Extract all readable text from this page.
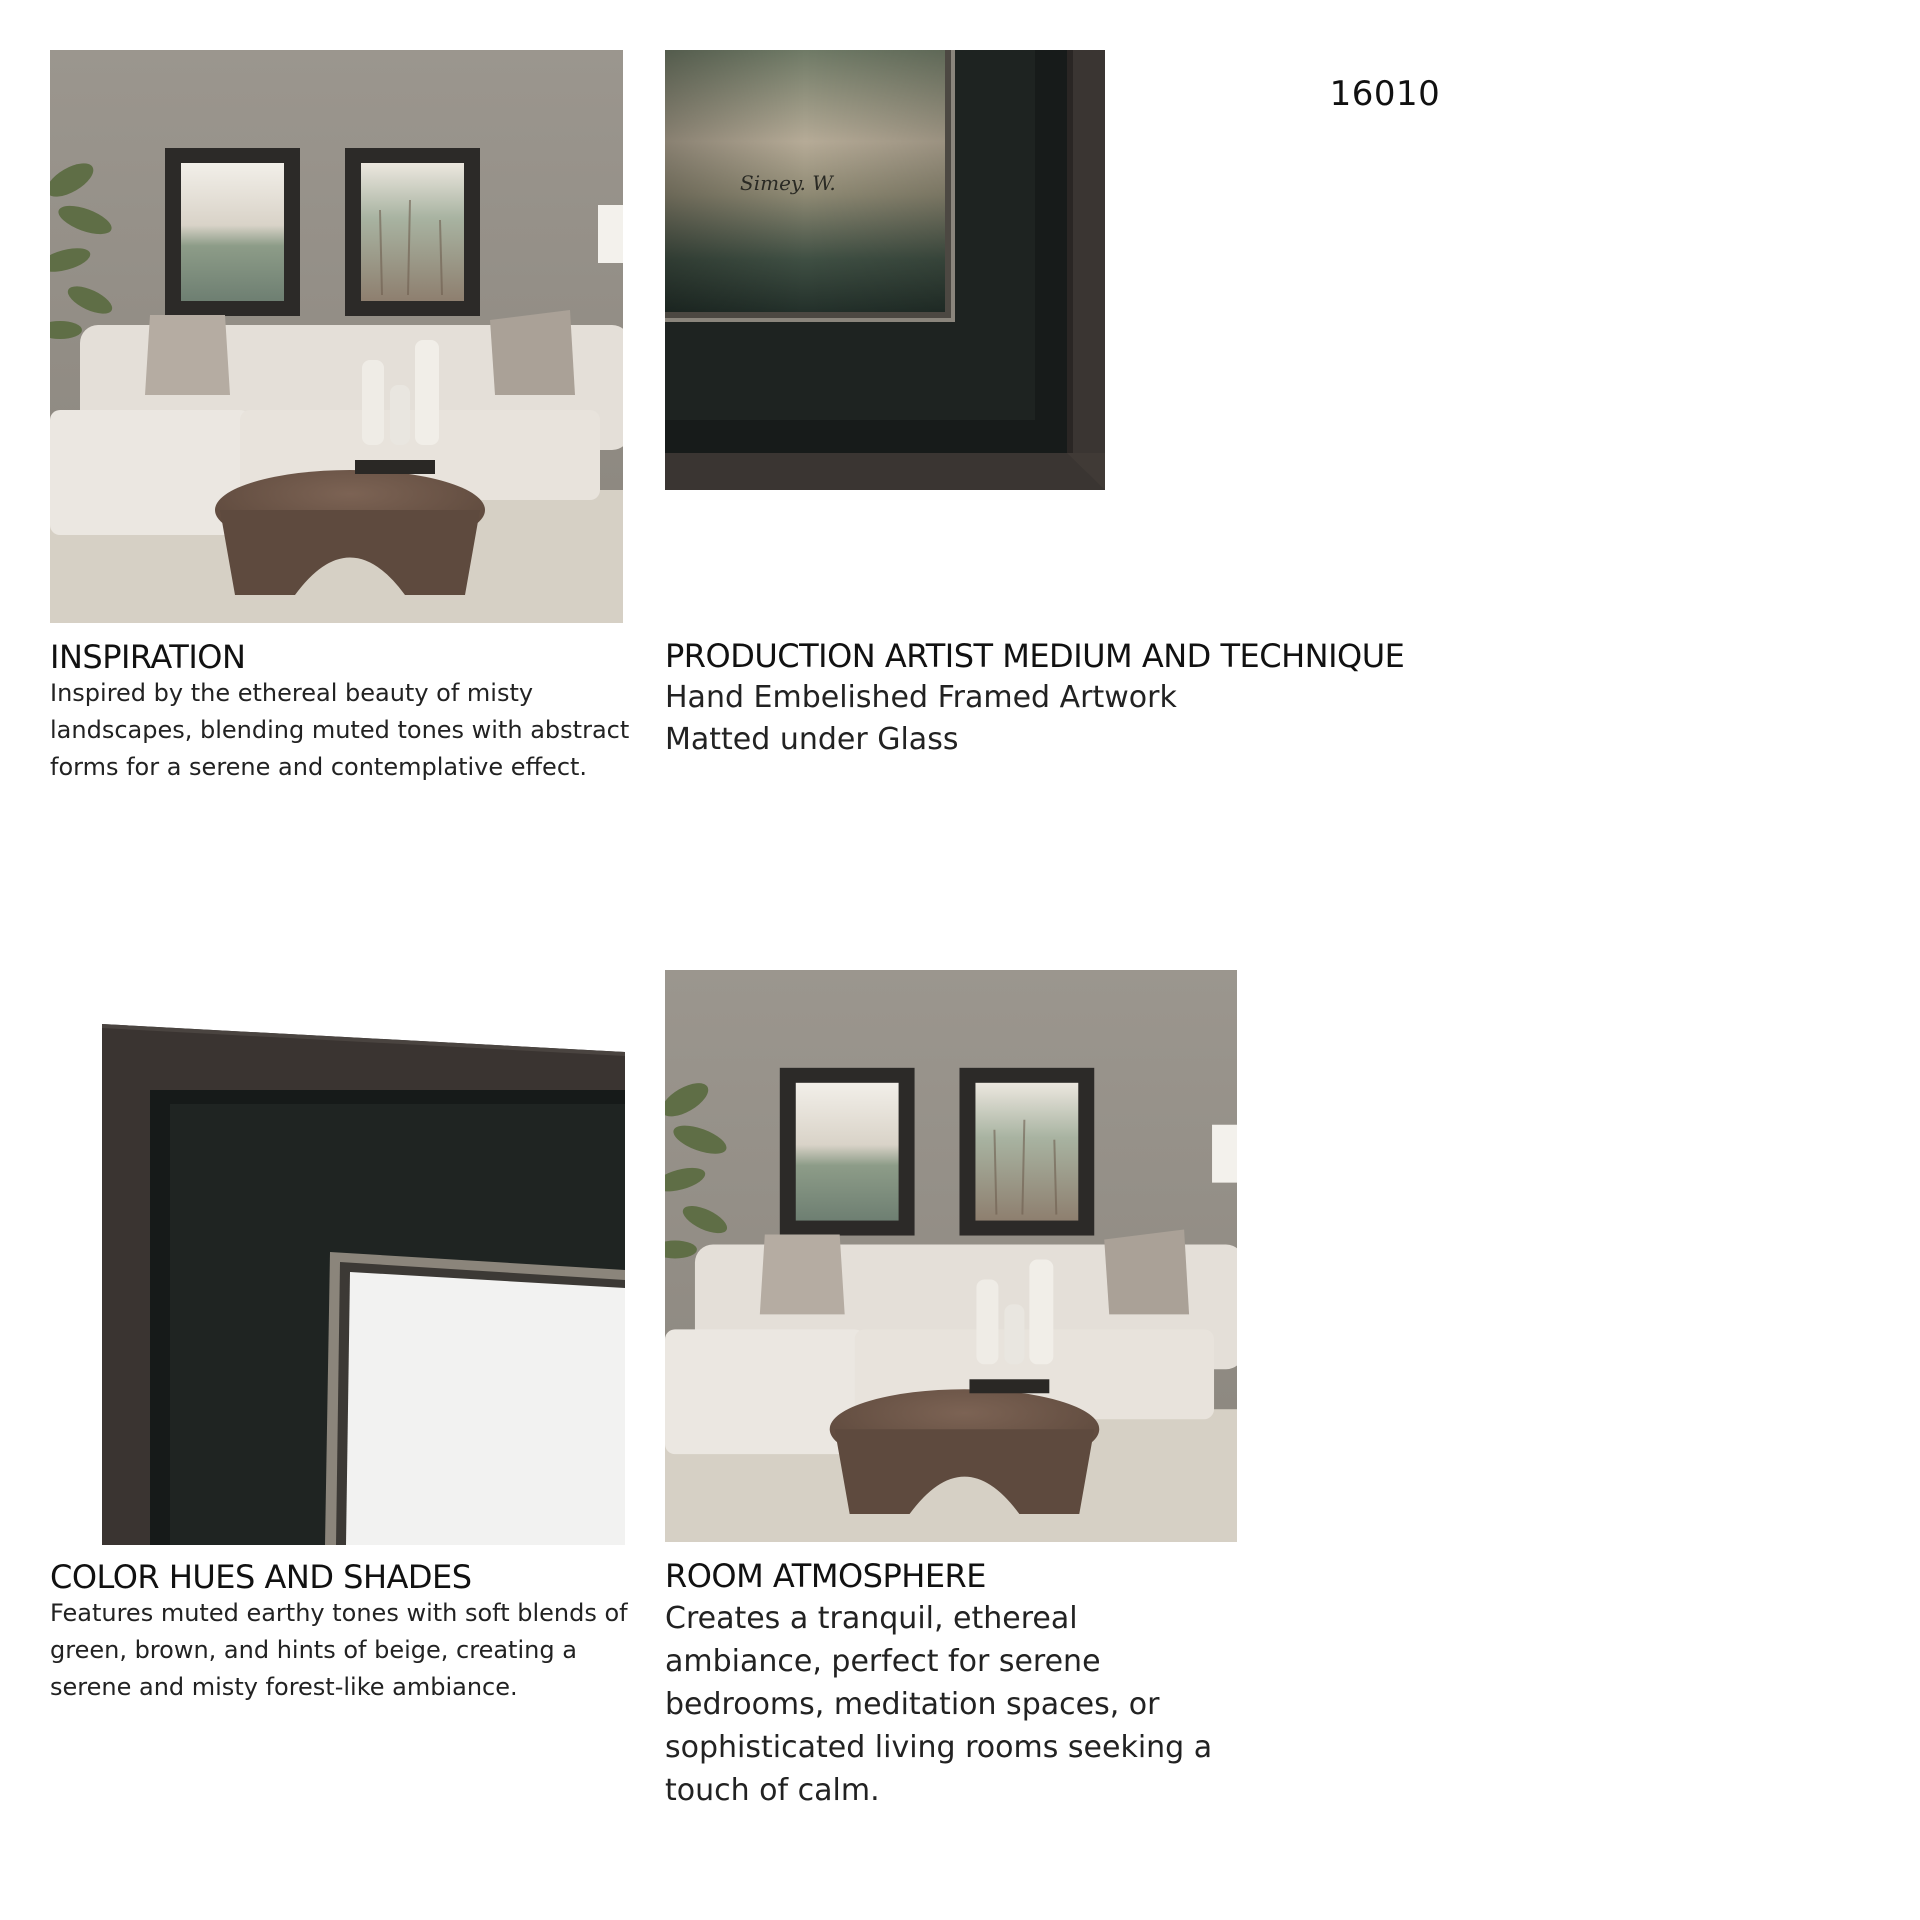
16010
Simey. W.
INSPIRATION
Inspired by the ethereal beauty of misty landscapes, blending muted tones with abstract forms for a serene and contemplative effect.
PRODUCTION ARTIST MEDIUM AND TECHNIQUE
Hand Embelished Framed Artwork
Matted under Glass
COLOR HUES AND SHADES
Features muted earthy tones with soft blends of green, brown, and hints of beige, creating a serene and misty forest-like ambiance.
ROOM ATMOSPHERE
Creates a tranquil, ethereal ambiance, perfect for serene bedrooms, meditation spaces, or sophisticated living rooms seeking a touch of calm.
